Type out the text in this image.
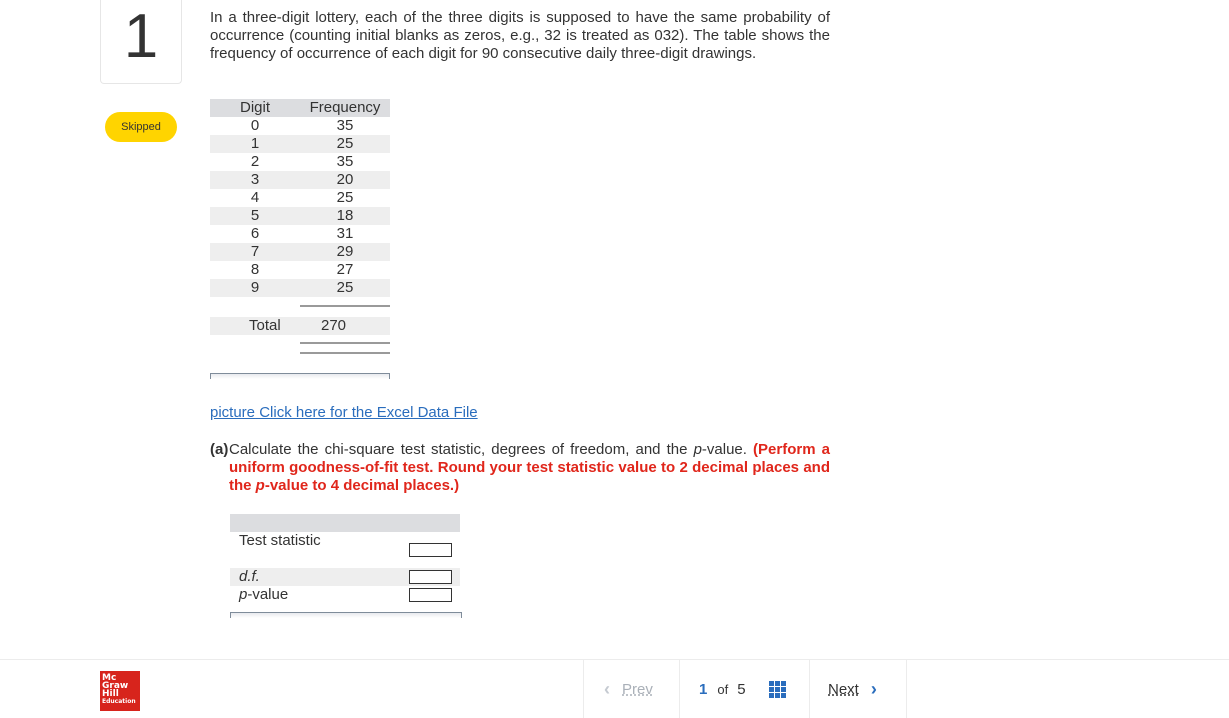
1
Skipped
In a three-digit lottery, each of the three digits is supposed to have the same probability of occurrence (counting initial blanks as zeros, e.g., 32 is treated as 032). The table shows the frequency of occurrence of each digit for 90 consecutive daily three-digit drawings.
Digit	Frequency
0	35
1	25
2	35
3	20
4	25
5	18
6	31
7	29
8	27
9	25
Total	270
picture Click here for the Excel Data File
(a) Calculate the chi-square test statistic, degrees of freedom, and the p-value. (Perform a uniform goodness-of-fit test. Round your test statistic value to 2 decimal places and the p-value to 4 decimal places.)
Test statistic
d.f.
p-value
Mc
Graw
Hill
Education
‹ Prev	1 of 5	Next ›
